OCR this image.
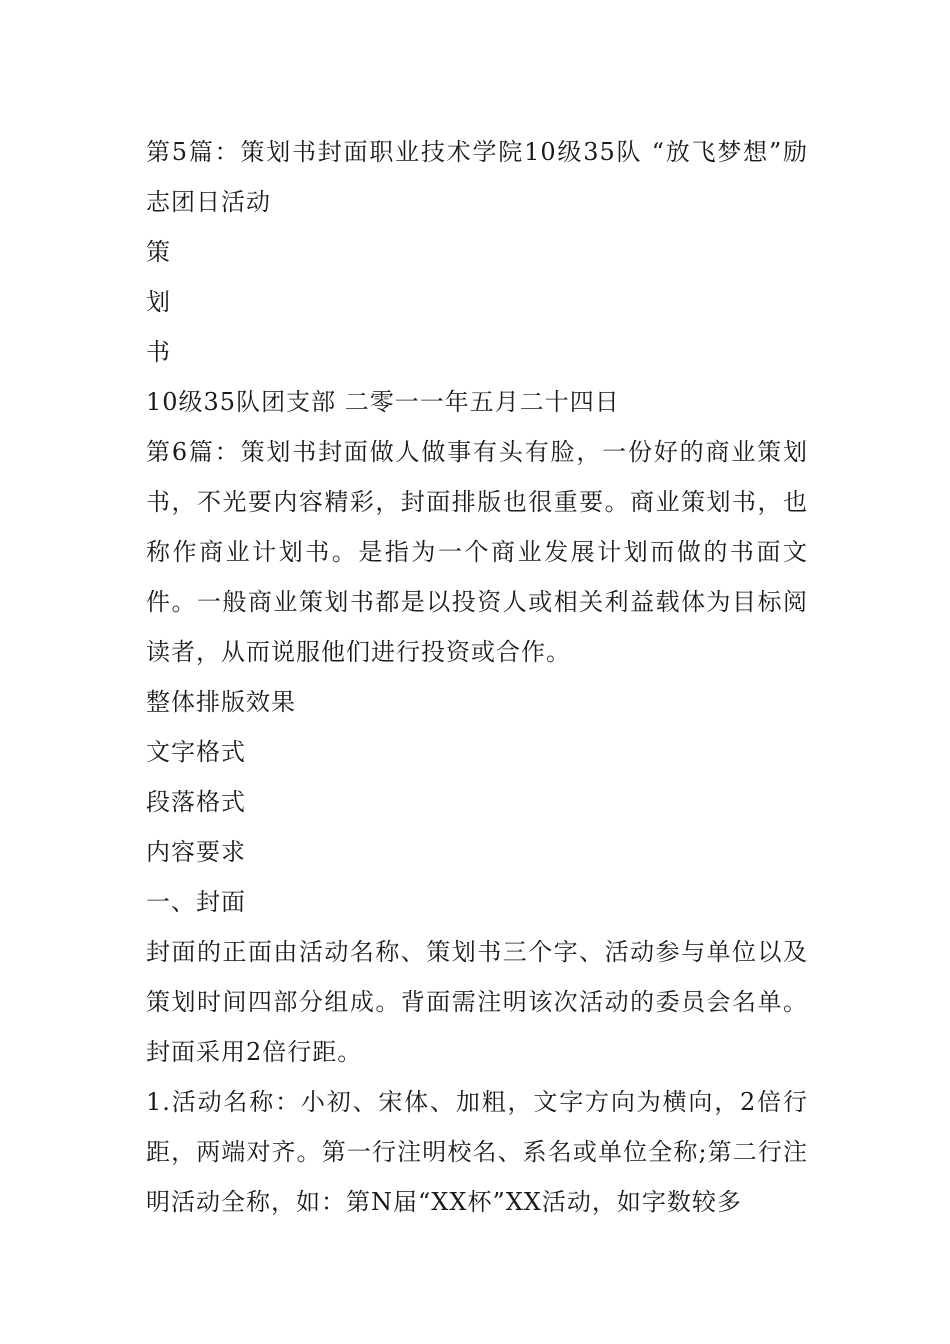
第5篇：策划书封面职业技术学院10级35队 “放飞梦想”励志团日活动

策

划

书

10级35队团支部 二零一一年五月二十四日

第6篇：策划书封面做人做事有头有脸，一份好的商业策划书，不光要内容精彩，封面排版也很重要。商业策划书，也称作商业计划书。是指为一个商业发展计划而做的书面文件。一般商业策划书都是以投资人或相关利益载体为目标阅读者，从而说服他们进行投资或合作。

整体排版效果

文字格式

段落格式

内容要求

一、封面

封面的正面由活动名称、策划书三个字、活动参与单位以及策划时间四部分组成。背面需注明该次活动的委员会名单。封面采用2倍行距。

1.活动名称：小初、宋体、加粗，文字方向为横向，2倍行距，两端对齐。第一行注明校名、系名或单位全称;第二行注明活动全称，如：第N届“XX杯”XX活动，如字数较多
